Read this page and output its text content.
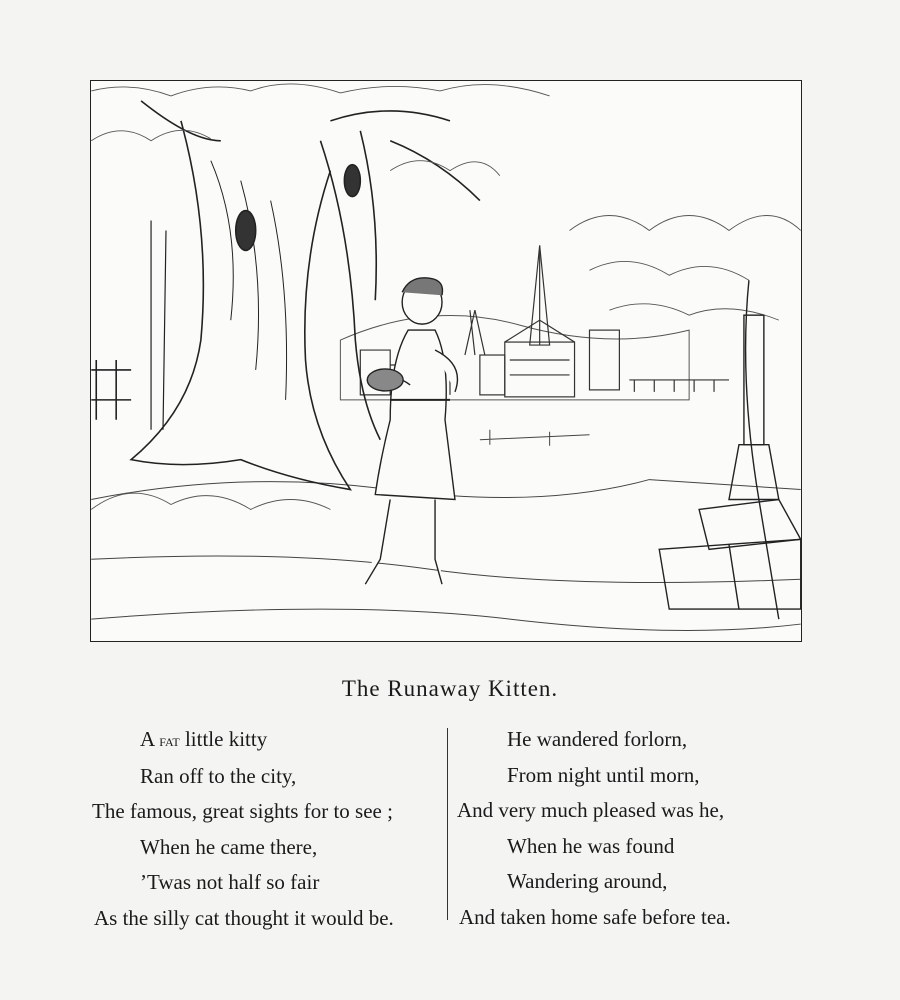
The Runaway Kitten.
A fat little kitty
Ran off to the city,
The famous, great sights for to see ;
When he came there,
’Twas not half so fair
As the silly cat thought it would be.
He wandered forlorn,
From night until morn,
And very much pleased was he,
When he was found
Wandering around,
And taken home safe before tea.
